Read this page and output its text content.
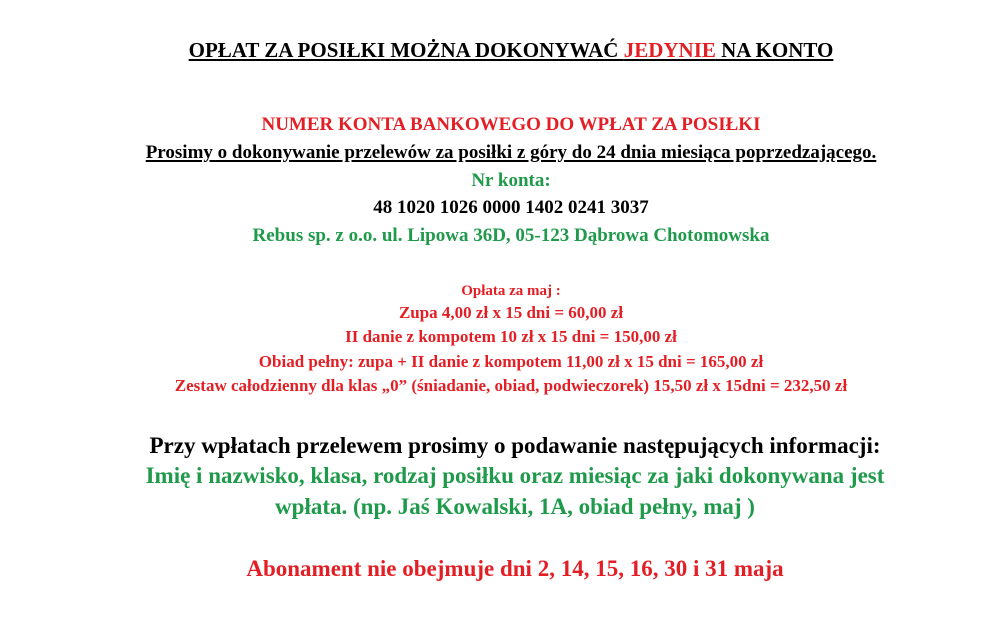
OPŁAT ZA POSIŁKI MOŻNA DOKONYWAĆ JEDYNIE NA KONTO
NUMER KONTA BANKOWEGO DO WPŁAT ZA POSIŁKI
Prosimy o dokonywanie przelewów za posiłki z góry do 24 dnia miesiąca poprzedzającego.
Nr konta:
48 1020 1026 0000 1402 0241 3037
Rebus sp. z o.o. ul. Lipowa 36D, 05-123 Dąbrowa Chotomowska
Opłata za maj :
Zupa 4,00 zł x 15 dni = 60,00 zł
II danie z kompotem 10 zł x 15 dni = 150,00 zł
Obiad pełny: zupa + II danie z kompotem 11,00 zł x 15 dni = 165,00 zł
Zestaw całodzienny dla klas „0” (śniadanie, obiad, podwieczorek) 15,50 zł x 15dni = 232,50 zł
Przy wpłatach przelewem prosimy o podawanie następujących informacji:
Imię i nazwisko, klasa, rodzaj posiłku oraz miesiąc za jaki dokonywana jest
wpłata. (np. Jaś Kowalski, 1A, obiad pełny, maj )
Abonament nie obejmuje dni 2, 14, 15, 16, 30 i 31 maja
